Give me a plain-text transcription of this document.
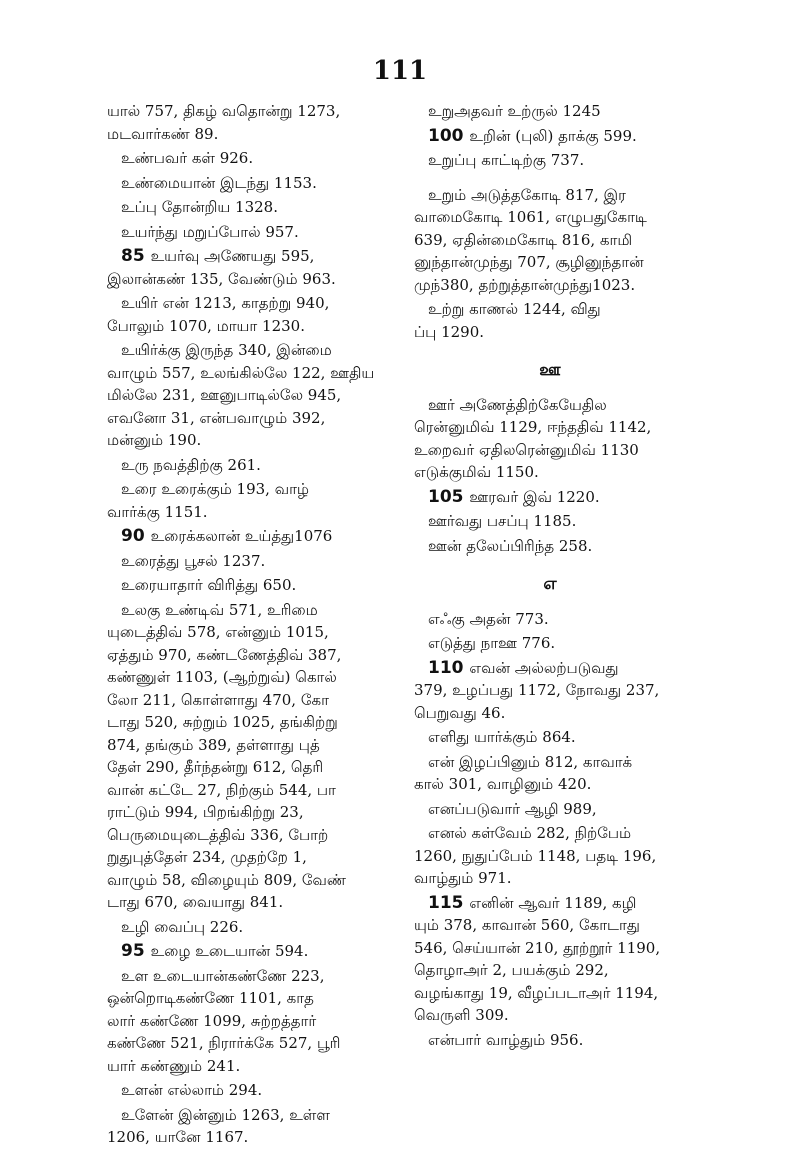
111
யால் 757, திகழ் வதொன்று 1273,
மடவார்கண் 89.
உண்பவர் கள் 926.
உண்மையான் இடந்து 1153.
உப்பு தோன்றிய 1328.
உயர்ந்து மறுப்போல் 957.
85 உயர்வு அணேயது 595,
இலான்கண் 135, வேண்டும் 963.
உயிர் என் 1213, காதற்று 940,
போலும் 1070, மாயா 1230.
உயிர்க்கு இருந்த 340, இன்மை
வாழும் 557, உலங்கில்லே 122, ஊதிய
மில்லே 231, ஊனுபாடில்லே 945,
எவனோ 31, என்பவாழும் 392,
மன்னும் 190.
உரு நவத்திற்கு 261.
உரை உரைக்கும் 193, வாழ்
வார்க்கு 1151.
90 உரைக்கலான் உய்த்து1076
உரைத்து பூசல் 1237.
உரையாதார் விரித்து 650.
உலகு உண்டிவ் 571, உரிமை
யுடைத்திவ் 578, என்னும் 1015,
ஏத்தும் 970, கண்டணேத்திவ் 387,
கண்ணுள் 1103, (ஆற்றுவ்) கொல்
லோ 211, கொள்ளாது 470, கோ
டாது 520, சுற்றும் 1025, தங்கிற்று
874, தங்கும் 389, தள்ளாது புத்
தேள் 290, தீர்ந்தன்று 612, தெரி
வான் கட்டே 27, நிற்கும் 544, பா
ராட்டும் 994, பிறங்கிற்று 23,
பெருமையுடைத்திவ் 336, போற்
றுதுபுத்தேள் 234, முதற்றே 1,
வாழும் 58, விழையும் 809, வேண்
டாது 670, வையாது 841.
உழி வைப்பு 226.
95 உழை உடையான் 594.
உள உடையான்கண்ணே 223,
ஒன்றொடிகண்ணே 1101, காத
லார் கண்ணே 1099, சுற்றத்தார்
கண்ணே 521, நிரார்க்கே 527, பூரி
யார் கண்ணும் 241.
உளன் எல்லாம் 294.
உளேன் இன்னும் 1263, உள்ள
1206, யானே 1167.
உறுஅதவர் உற்ருல் 1245
100 உறின் (புலி) தாக்கு 599.
உறுப்பு காட்டிற்கு 737.
உறும் அடுத்தகோடி 817, இர
வாமைகோடி 1061, எழுபதுகோடி
639, ஏதின்மைகோடி 816, காமி
னுந்தான்முந்து 707, சூழினுந்தான்
முந்380, தற்றுத்தான்முந்து1023.
உற்று காணல் 1244, விது
ப்பு 1290.
ஊ
ஊர் அணேத்திற்கேயேதில
ரென்னுமிவ் 1129, ஈந்ததிவ் 1142,
உறைவர் ஏதிலரென்னுமிவ் 1130
எடுக்குமிவ் 1150.
105 ஊரவர் இவ் 1220.
ஊர்வது பசப்பு 1185.
ஊன் தலேப்பிரிந்த 258.
எ
எஃகு அதன் 773.
எடுத்து நாஊ 776.
110 எவன் அல்லற்படுவது
379, உழப்பது 1172, நோவது 237,
பெறுவது 46.
எளிது யார்க்கும் 864.
என் இழப்பினும் 812, காவாக்
கால் 301, வாழினும் 420.
எனப்படுவார் ஆழி 989,
எனல் கள்வேம் 282, நிற்பேம்
1260, நுதுப்பேம் 1148, பதடி 196,
வாழ்தும் 971.
115 எனின் ஆவர் 1189, கழி
யும் 378, காவான் 560, கோடாது
546, செய்யான் 210, தூற்றூர் 1190,
தொழாஅர் 2, பயக்கும் 292,
வழங்காது 19, வீழப்படாஅர் 1194,
வெருளி 309.
என்பார் வாழ்தும் 956.
